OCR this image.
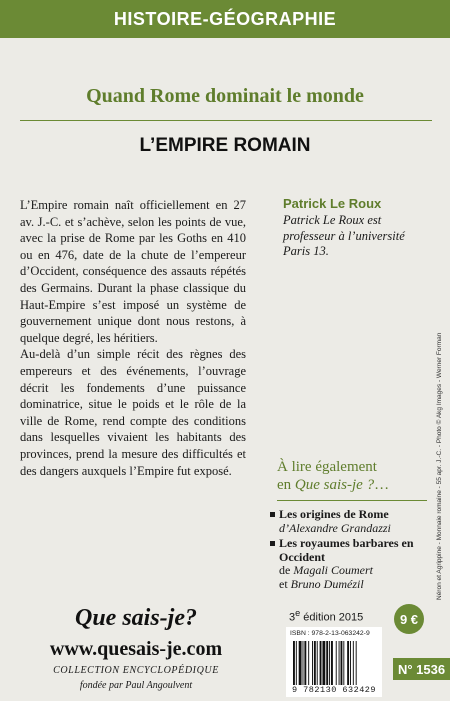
HISTOIRE-GÉOGRAPHIE
Quand Rome dominait le monde
L’EMPIRE ROMAIN

L’Empire romain naît officiellement en 27 av. J.-C. et s’achève, selon les points de vue, avec la prise de Rome par les Goths en 410 ou en 476, date de la chute de l’empereur d’Occident, conséquence des assauts répétés des Germains. Durant la phase classique du Haut-Empire s’est imposé un système de gouvernement unique dont nous restons, à quelque degré, les héritiers.

Au-delà d’un simple récit des règnes des empereurs et des événements, l’ouvrage décrit les fondements d’une puissance dominatrice, situe le poids et le rôle de la ville de Rome, rend compte des conditions dans lesquelles vivaient les habitants des provinces, prend la mesure des difficultés et des dangers auxquels l’Empire fut exposé.

Patrick Le Roux
Patrick Le Roux est professeur à l’université Paris 13.
Néron et Agrippine - Monnaie romaine - 55 apr. J.-C. - Photo © Akg Images - Werner Forman
À lire également
en Que sais-je ?…
Les origines de Rome
d’Alexandre Grandazzi
Les royaumes barbares en Occident
de Magali Coumert
et Bruno Dumézil
3e édition 2015	9 €
Que sais-je?
www.quesais-je.com
COLLECTION ENCYCLOPÉDIQUE
fondée par Paul Angoulvent
ISBN : 978-2-13-063242-9
9 782130 632429
N° 1536
